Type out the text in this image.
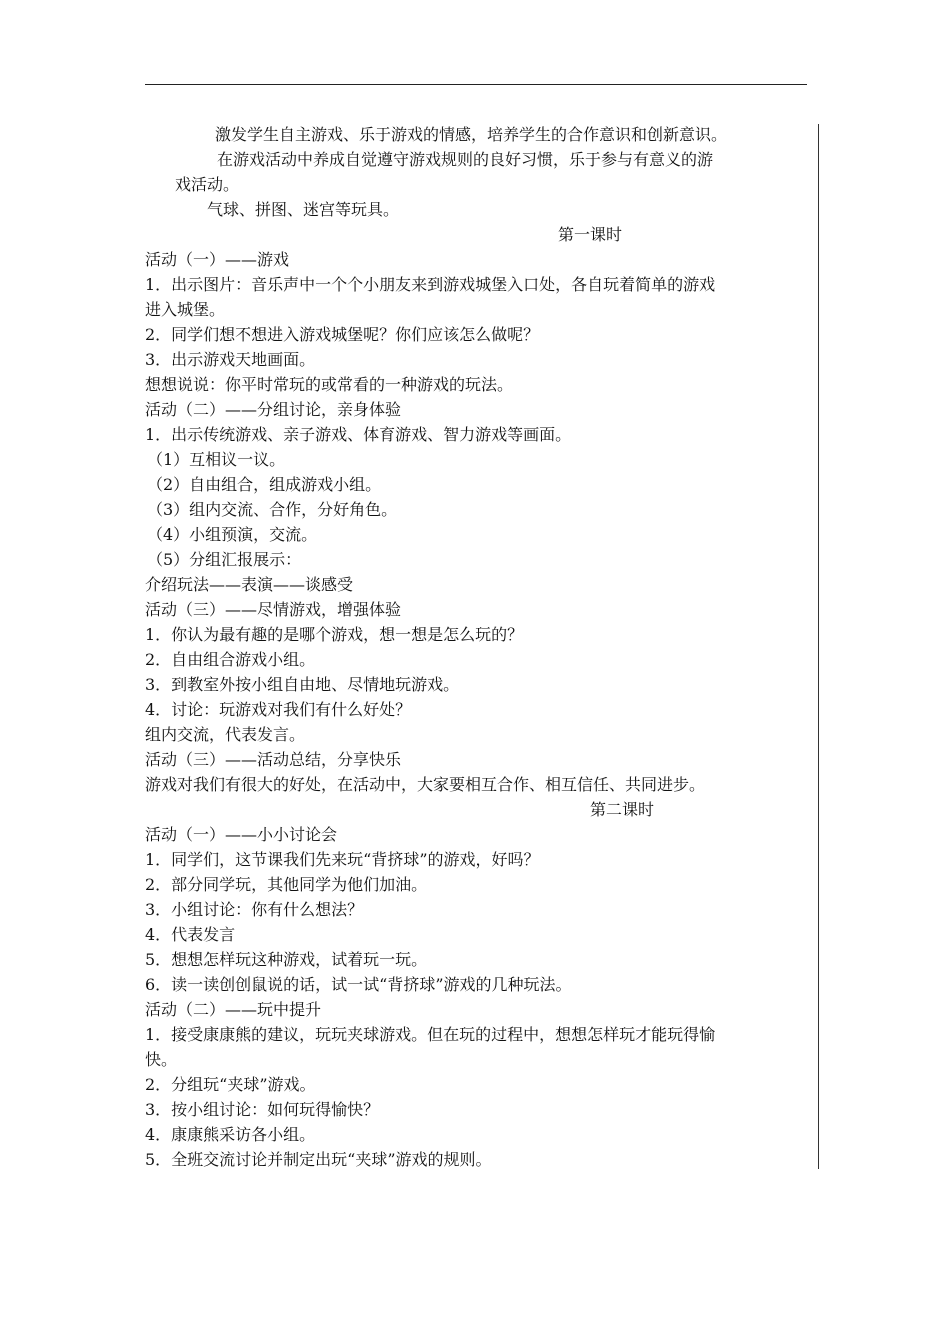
激发学生自主游戏、乐于游戏的情感，培养学生的合作意识和创新意识。
在游戏活动中养成自觉遵守游戏规则的良好习惯，乐于参与有意义的游
戏活动。
气球、拼图、迷宫等玩具。
第一课时
活动（一）——游戏
1．出示图片：音乐声中一个个小朋友来到游戏城堡入口处，各自玩着简单的游戏
进入城堡。
2．同学们想不想进入游戏城堡呢？你们应该怎么做呢？
3．出示游戏天地画面。
想想说说：你平时常玩的或常看的一种游戏的玩法。
活动（二）——分组讨论，亲身体验
1．出示传统游戏、亲子游戏、体育游戏、智力游戏等画面。
（1）互相议一议。
（2）自由组合，组成游戏小组。
（3）组内交流、合作，分好角色。
（4）小组预演，交流。
（5）分组汇报展示：
介绍玩法——表演——谈感受
活动（三）——尽情游戏，增强体验
1．你认为最有趣的是哪个游戏，想一想是怎么玩的？
2．自由组合游戏小组。
3．到教室外按小组自由地、尽情地玩游戏。
4．讨论：玩游戏对我们有什么好处？
组内交流，代表发言。
活动（三）——活动总结，分享快乐
游戏对我们有很大的好处，在活动中，大家要相互合作、相互信任、共同进步。
第二课时
活动（一）——小小讨论会
1．同学们，这节课我们先来玩“背挤球”的游戏，好吗？
2．部分同学玩，其他同学为他们加油。
3．小组讨论：你有什么想法？
4．代表发言
5．想想怎样玩这种游戏，试着玩一玩。
6．读一读创创鼠说的话，试一试“背挤球”游戏的几种玩法。
活动（二）——玩中提升
1．接受康康熊的建议，玩玩夹球游戏。但在玩的过程中，想想怎样玩才能玩得愉
快。
2．分组玩“夹球”游戏。
3．按小组讨论：如何玩得愉快？
4．康康熊采访各小组。
5．全班交流讨论并制定出玩“夹球”游戏的规则。
